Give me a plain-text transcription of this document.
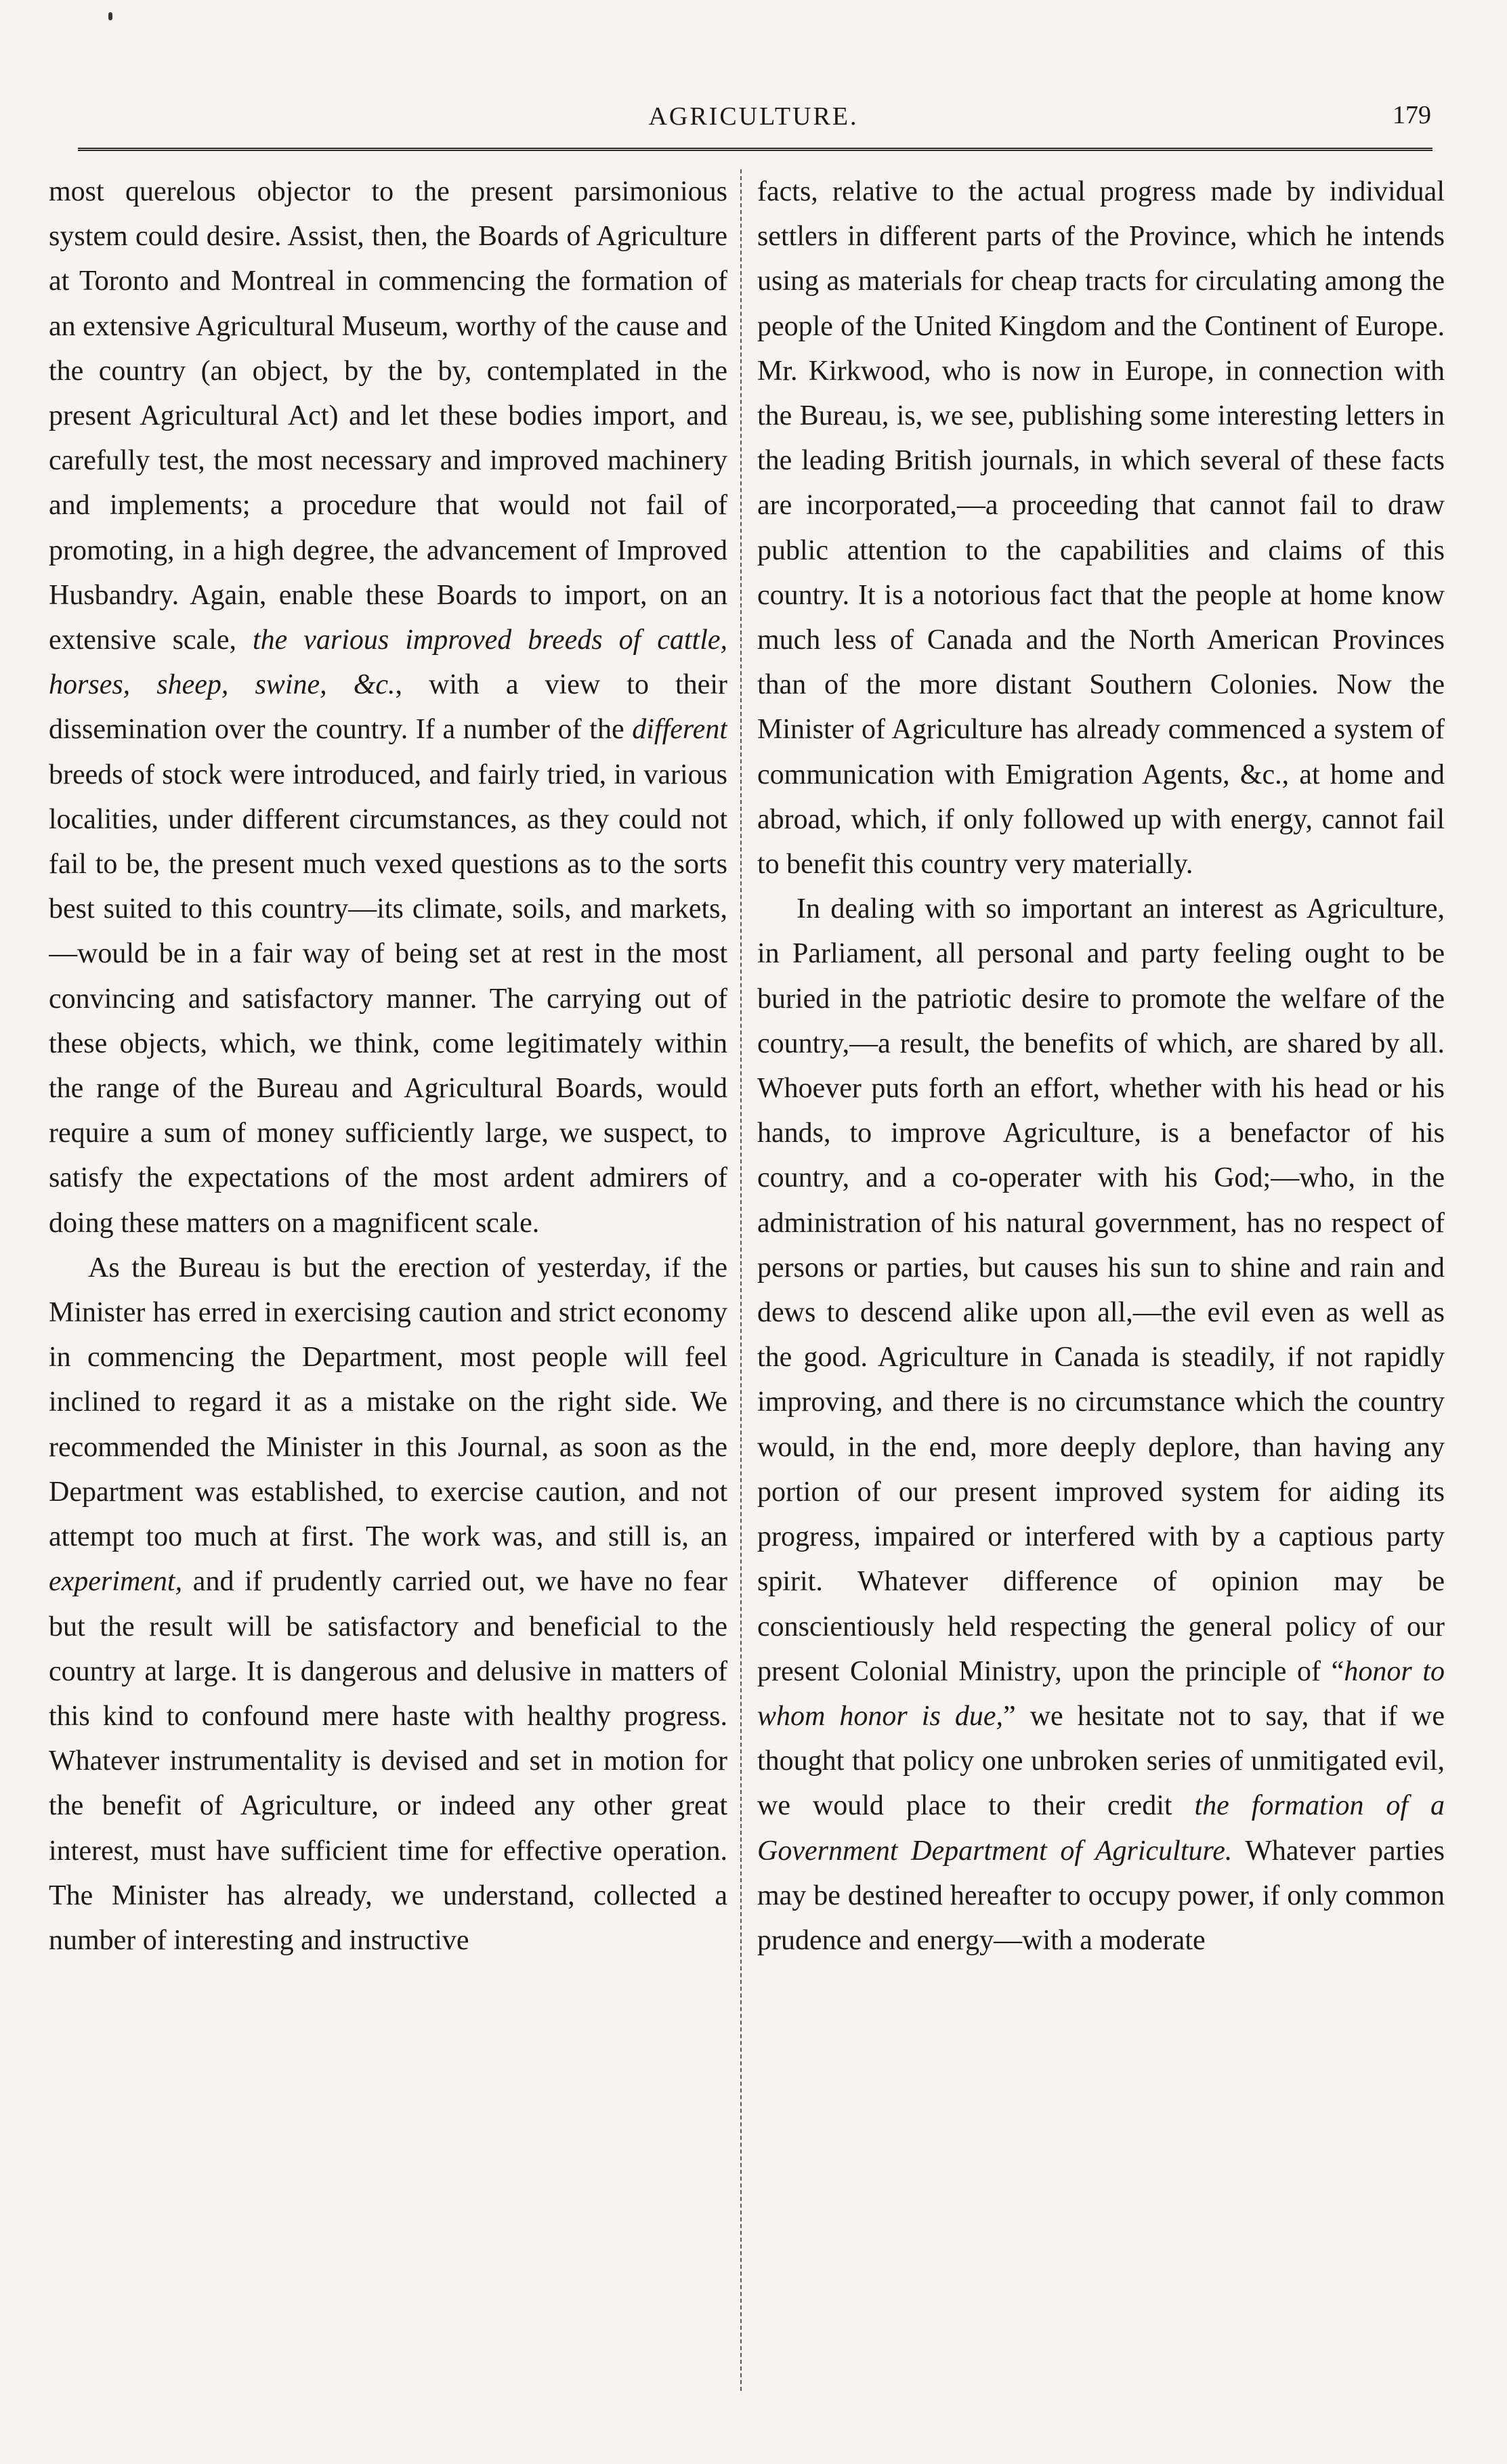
AGRICULTURE.	179

most querelous objector to the present parsimonious system could desire. Assist, then, the Boards of Agriculture at Toronto and Montreal in commencing the formation of an extensive Agricultural Museum, worthy of the cause and the country (an object, by the by, contemplated in the present Agricultural Act) and let these bodies import, and carefully test, the most necessary and improved machinery and implements; a procedure that would not fail of promoting, in a high degree, the advancement of Improved Husbandry. Again, enable these Boards to import, on an extensive scale, the various improved breeds of cattle, horses, sheep, swine, &c., with a view to their dissemination over the country. If a number of the different breeds of stock were introduced, and fairly tried, in various localities, under different circumstances, as they could not fail to be, the present much vexed questions as to the sorts best suited to this country—its climate, soils, and markets,—would be in a fair way of being set at rest in the most convincing and satisfactory manner. The carrying out of these objects, which, we think, come legitimately within the range of the Bureau and Agricultural Boards, would require a sum of money sufficiently large, we suspect, to satisfy the expectations of the most ardent admirers of doing these matters on a magnificent scale.

As the Bureau is but the erection of yesterday, if the Minister has erred in exercising caution and strict economy in commencing the Department, most people will feel inclined to regard it as a mistake on the right side. We recommended the Minister in this Journal, as soon as the Department was established, to exercise caution, and not attempt too much at first. The work was, and still is, an experiment, and if prudently carried out, we have no fear but the result will be satisfactory and beneficial to the country at large. It is dangerous and delusive in matters of this kind to confound mere haste with healthy progress. Whatever instrumentality is devised and set in motion for the benefit of Agriculture, or indeed any other great interest, must have sufficient time for effective operation. The Minister has already, we understand, collected a number of interesting and instructive

facts, relative to the actual progress made by individual settlers in different parts of the Province, which he intends using as materials for cheap tracts for circulating among the people of the United Kingdom and the Continent of Europe. Mr. Kirkwood, who is now in Europe, in connection with the Bureau, is, we see, publishing some interesting letters in the leading British journals, in which several of these facts are incorporated,—a proceeding that cannot fail to draw public attention to the capabilities and claims of this country. It is a notorious fact that the people at home know much less of Canada and the North American Provinces than of the more distant Southern Colonies. Now the Minister of Agriculture has already commenced a system of communication with Emigration Agents, &c., at home and abroad, which, if only followed up with energy, cannot fail to benefit this country very materially.

In dealing with so important an interest as Agriculture, in Parliament, all personal and party feeling ought to be buried in the patriotic desire to promote the welfare of the country,—a result, the benefits of which, are shared by all. Whoever puts forth an effort, whether with his head or his hands, to improve Agriculture, is a benefactor of his country, and a co-operater with his God;—who, in the administration of his natural government, has no respect of persons or parties, but causes his sun to shine and rain and dews to descend alike upon all,—the evil even as well as the good. Agriculture in Canada is steadily, if not rapidly improving, and there is no circumstance which the country would, in the end, more deeply deplore, than having any portion of our present improved system for aiding its progress, impaired or interfered with by a captious party spirit. Whatever difference of opinion may be conscientiously held respecting the general policy of our present Colonial Ministry, upon the principle of “honor to whom honor is due,” we hesitate not to say, that if we thought that policy one unbroken series of unmitigated evil, we would place to their credit the formation of a Government Department of Agriculture. Whatever parties may be destined hereafter to occupy power, if only common prudence and energy—with a moderate
